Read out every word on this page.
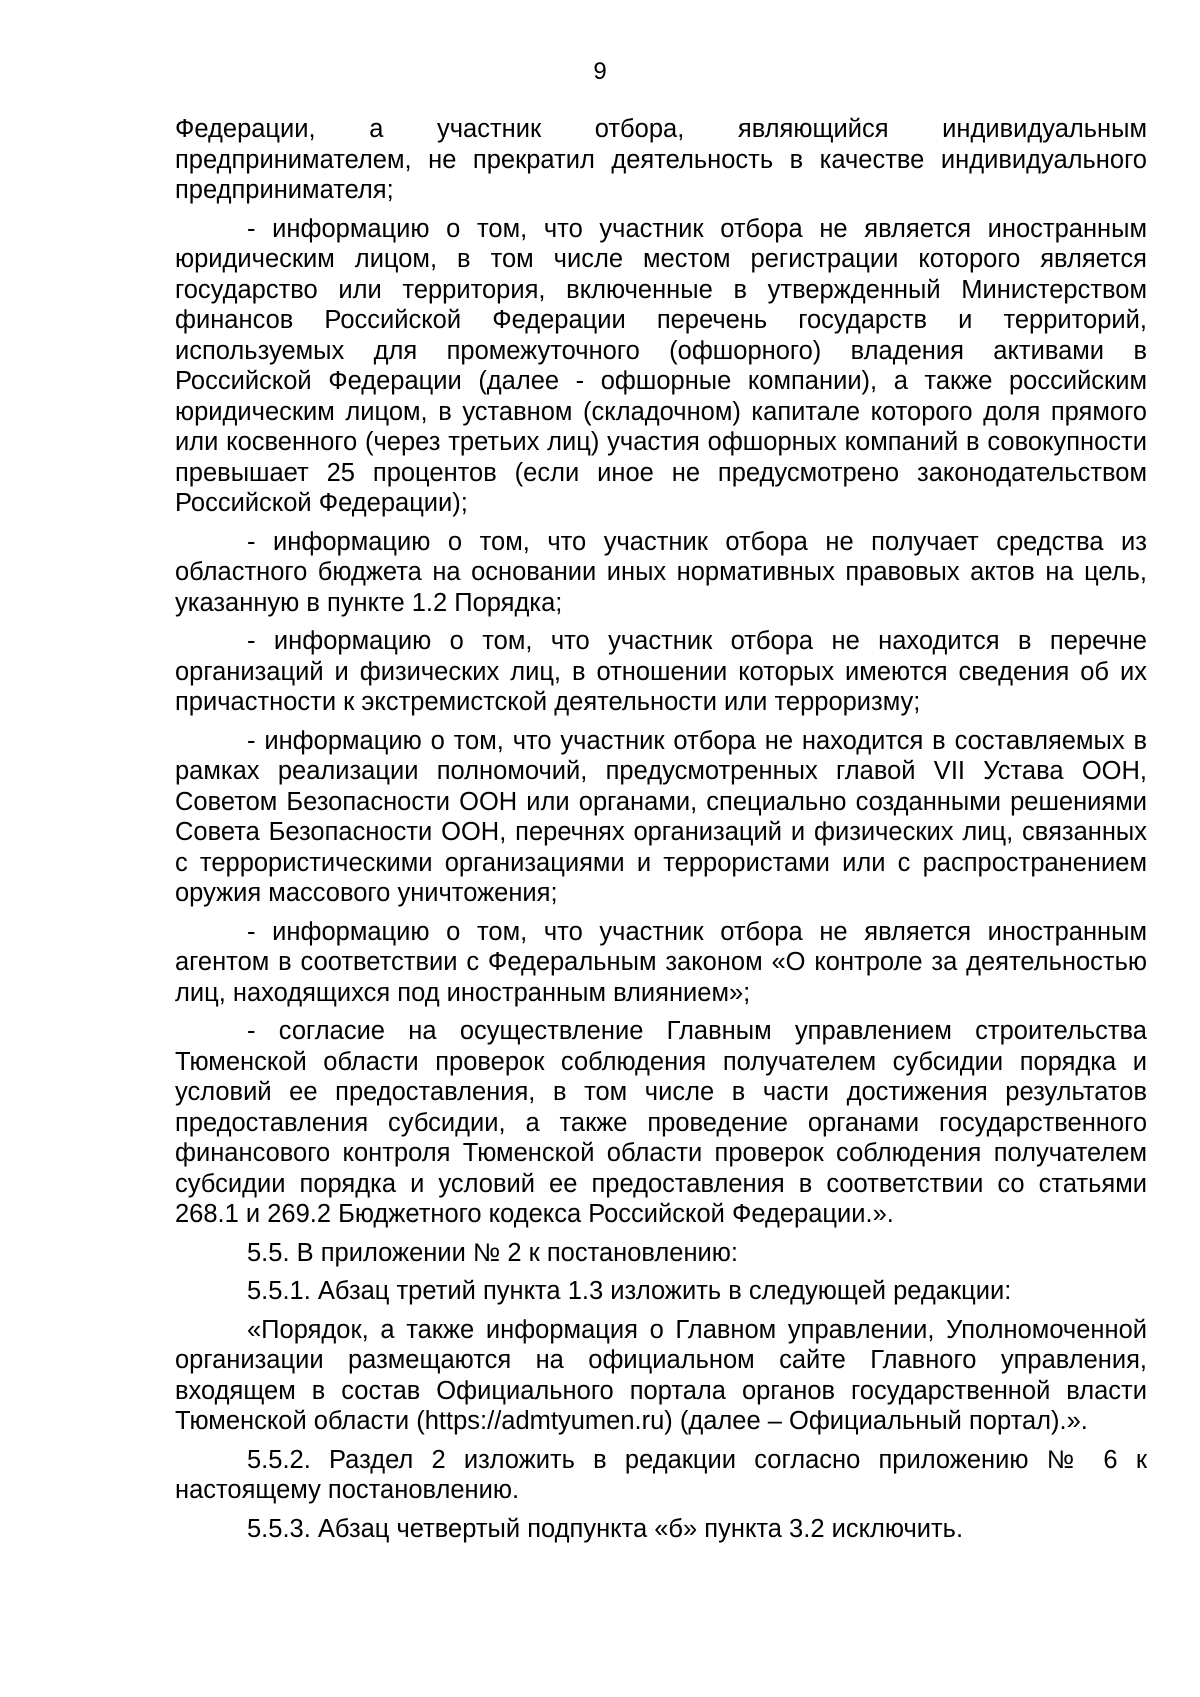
9

Федерации, а участник отбора, являющийся индивидуальным предпринимателем, не прекратил деятельность в качестве индивидуального предпринимателя;

- информацию о том, что участник отбора не является иностранным юридическим лицом, в том числе местом регистрации которого является государство или территория, включенные в утвержденный Министерством финансов Российской Федерации перечень государств и территорий, используемых для промежуточного (офшорного) владения активами в Российской Федерации (далее - офшорные компании), а также российским юридическим лицом, в уставном (складочном) капитале которого доля прямого или косвенного (через третьих лиц) участия офшорных компаний в совокупности превышает 25 процентов (если иное не предусмотрено законодательством Российской Федерации);

- информацию о том, что участник отбора не получает средства из областного бюджета на основании иных нормативных правовых актов на цель, указанную в пункте 1.2 Порядка;

- информацию о том, что участник отбора не находится в перечне организаций и физических лиц, в отношении которых имеются сведения об их причастности к экстремистской деятельности или терроризму;

- информацию о том, что участник отбора не находится в составляемых в рамках реализации полномочий, предусмотренных главой VII Устава ООН, Советом Безопасности ООН или органами, специально созданными решениями Совета Безопасности ООН, перечнях организаций и физических лиц, связанных с террористическими организациями и террористами или с распространением оружия массового уничтожения;

- информацию о том, что участник отбора не является иностранным агентом в соответствии с Федеральным законом «О контроле за деятельностью лиц, находящихся под иностранным влиянием»;

- согласие на осуществление Главным управлением строительства Тюменской области проверок соблюдения получателем субсидии порядка и условий ее предоставления, в том числе в части достижения результатов предоставления субсидии, а также проведение органами государственного финансового контроля Тюменской области проверок соблюдения получателем субсидии порядка и условий ее предоставления в соответствии со статьями 268.1 и 269.2 Бюджетного кодекса Российской Федерации.».

5.5. В приложении № 2 к постановлению:

5.5.1. Абзац третий пункта 1.3 изложить в следующей редакции:

«Порядок, а также информация о Главном управлении, Уполномоченной организации размещаются на официальном сайте Главного управления, входящем в состав Официального портала органов государственной власти Тюменской области (https://admtyumen.ru) (далее – Официальный портал).».

5.5.2. Раздел 2 изложить в редакции согласно приложению № 6 к настоящему постановлению.

5.5.3. Абзац четвертый подпункта «б» пункта 3.2 исключить.
